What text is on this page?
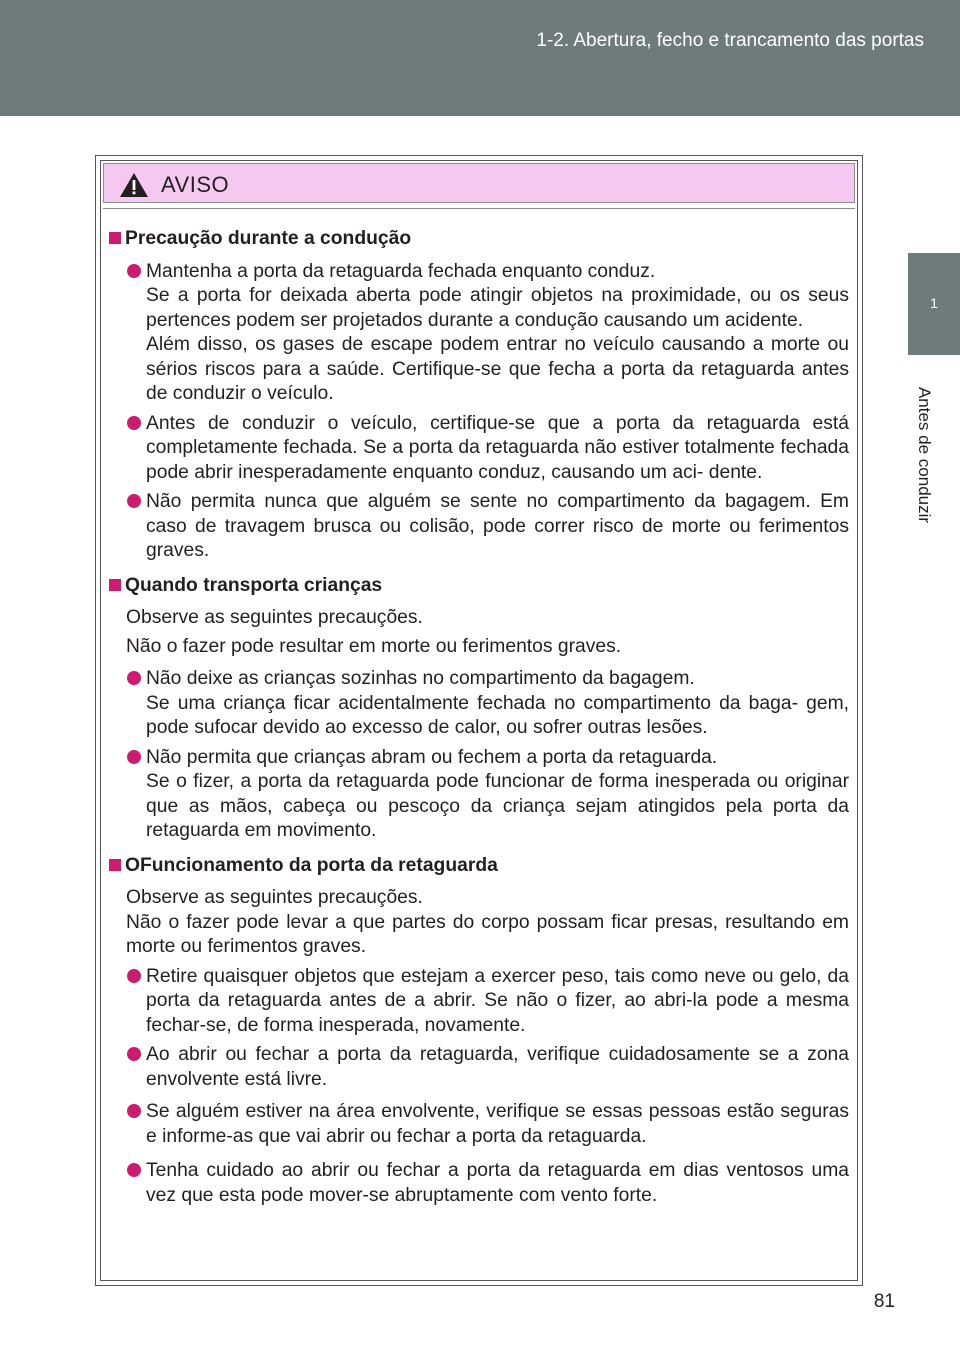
1-2. Abertura, fecho e trancamento das portas
1
Antes de conduzir
AVISO
Precaução durante a condução

Mantenha a porta da retaguarda fechada enquanto conduz.

Se a porta for deixada aberta pode atingir objetos na proximidade, ou os seus pertences podem ser projetados durante a condução causando um acidente.

Além disso, os gases de escape podem entrar no veículo causando a morte ou sérios riscos para a saúde. Certifique-se que fecha a porta da retaguarda antes de conduzir o veículo.

Antes de conduzir o veículo, certifique-se que a porta da retaguarda está completamente fechada. Se a porta da retaguarda não estiver totalmente fechada pode abrir inesperadamente enquanto conduz, causando um aci- dente.

Não permita nunca que alguém se sente no compartimento da bagagem. Em caso de travagem brusca ou colisão, pode correr risco de morte ou ferimentos graves.

Quando transporta crianças

Observe as seguintes precauções.

Não o fazer pode resultar em morte ou ferimentos graves.

Não deixe as crianças sozinhas no compartimento da bagagem.

Se uma criança ficar acidentalmente fechada no compartimento da baga- gem, pode sufocar devido ao excesso de calor, ou sofrer outras lesões.

Não permita que crianças abram ou fechem a porta da retaguarda.

Se o fizer, a porta da retaguarda pode funcionar de forma inesperada ou originar que as mãos, cabeça ou pescoço da criança sejam atingidos pela porta da retaguarda em movimento.

OFuncionamento da porta da retaguarda

Observe as seguintes precauções.

Não o fazer pode levar a que partes do corpo possam ficar presas, resultando em morte ou ferimentos graves.

Retire quaisquer objetos que estejam a exercer peso, tais como neve ou gelo, da porta da retaguarda antes de a abrir. Se não o fizer, ao abri-la pode a mesma fechar-se, de forma inesperada, novamente.

Ao abrir ou fechar a porta da retaguarda, verifique cuidadosamente se a zona envolvente está livre.

Se alguém estiver na área envolvente, verifique se essas pessoas estão seguras e informe-as que vai abrir ou fechar a porta da retaguarda.

Tenha cuidado ao abrir ou fechar a porta da retaguarda em dias ventosos uma vez que esta pode mover-se abruptamente com vento forte.

81
